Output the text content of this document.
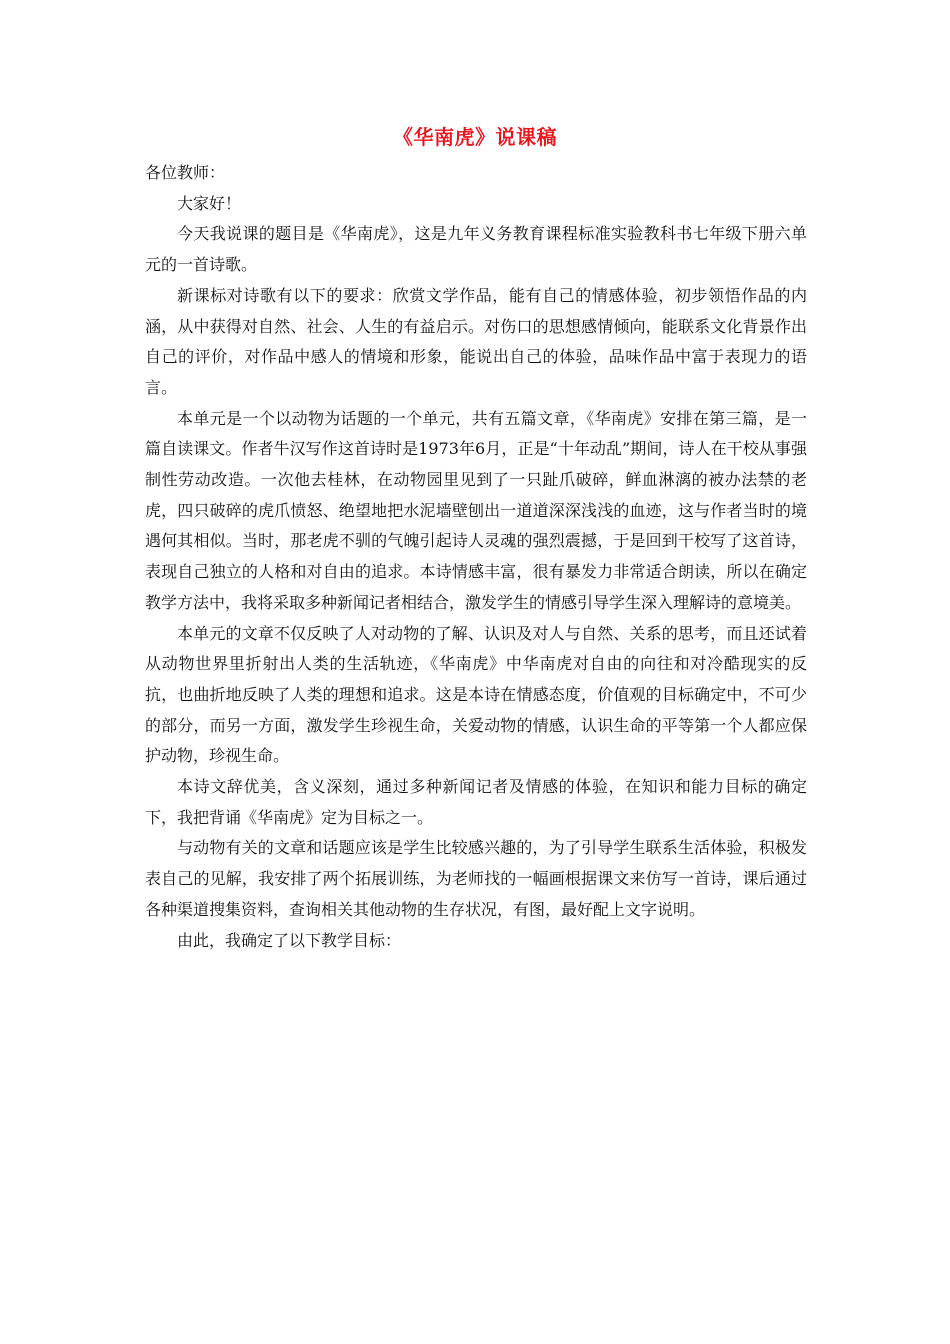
《华南虎》说课稿

各位教师：

大家好！

今天我说课的题目是《华南虎》，这是九年义务教育课程标准实验教科书七年级下册六单元的一首诗歌。

新课标对诗歌有以下的要求：欣赏文学作品，能有自己的情感体验，初步领悟作品的内涵，从中获得对自然、社会、人生的有益启示。对伤口的思想感情倾向，能联系文化背景作出自己的评价，对作品中感人的情境和形象，能说出自己的体验，品味作品中富于表现力的语言。

本单元是一个以动物为话题的一个单元，共有五篇文章，《华南虎》安排在第三篇，是一篇自读课文。作者牛汉写作这首诗时是1973年6月，正是“十年动乱”期间，诗人在干校从事强制性劳动改造。一次他去桂林，在动物园里见到了一只趾爪破碎，鲜血淋漓的被办法禁的老虎，四只破碎的虎爪愤怒、绝望地把水泥墙壁刨出一道道深深浅浅的血迹，这与作者当时的境遇何其相似。当时，那老虎不驯的气魄引起诗人灵魂的强烈震撼，于是回到干校写了这首诗，表现自己独立的人格和对自由的追求。本诗情感丰富，很有暴发力非常适合朗读，所以在确定教学方法中，我将采取多种新闻记者相结合，激发学生的情感引导学生深入理解诗的意境美。

本单元的文章不仅反映了人对动物的了解、认识及对人与自然、关系的思考，而且还试着从动物世界里折射出人类的生活轨迹，《华南虎》中华南虎对自由的向往和对冷酷现实的反抗，也曲折地反映了人类的理想和追求。这是本诗在情感态度，价值观的目标确定中，不可少的部分，而另一方面，激发学生珍视生命，关爱动物的情感，认识生命的平等第一个人都应保护动物，珍视生命。

本诗文辞优美，含义深刻，通过多种新闻记者及情感的体验，在知识和能力目标的确定下，我把背诵《华南虎》定为目标之一。

与动物有关的文章和话题应该是学生比较感兴趣的，为了引导学生联系生活体验，积极发表自己的见解，我安排了两个拓展训练，为老师找的一幅画根据课文来仿写一首诗，课后通过各种渠道搜集资料，查询相关其他动物的生存状况，有图，最好配上文字说明。

由此，我确定了以下教学目标：
